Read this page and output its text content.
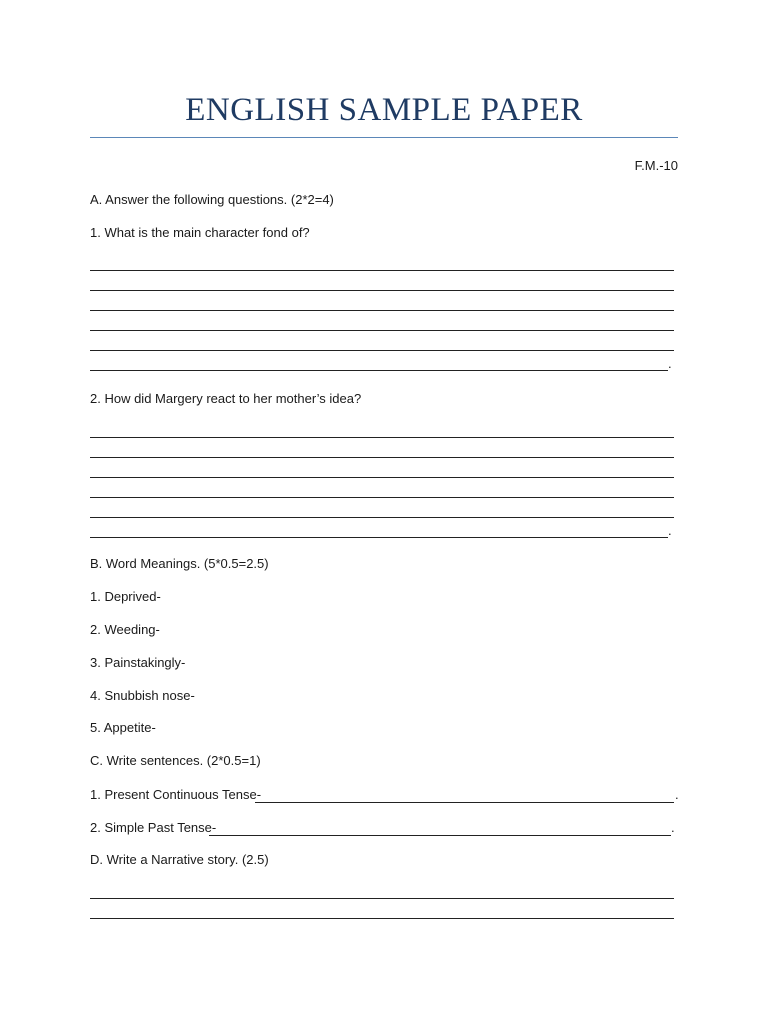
ENGLISH SAMPLE PAPER
F.M.-10
A. Answer the following questions. (2*2=4)
1. What is the main character fond of?
.
2. How did Margery react to her mother’s idea?
.
B. Word Meanings. (5*0.5=2.5)
1. Deprived-
2. Weeding-
3. Painstakingly-
4. Snubbish nose-
5. Appetite-
C. Write sentences. (2*0.5=1)
1. Present Continuous Tense-	.
2. Simple Past Tense-	.
D. Write a Narrative story. (2.5)
